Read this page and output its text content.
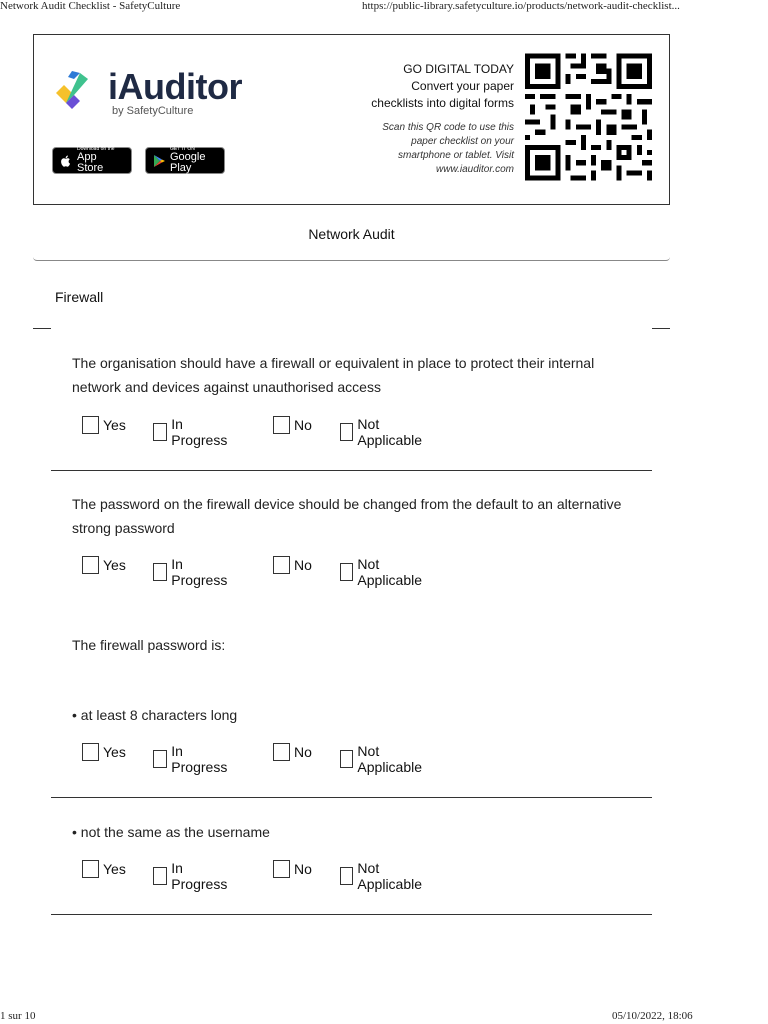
Network Audit Checklist - SafetyCulture	https://public-library.safetyculture.io/products/network-audit-checklist...
iAuditor
by SafetyCulture
Download on the
App Store
GET IT ON
Google Play
GO DIGITAL TODAY
Convert your paper
checklists into digital forms
Scan this QR code to use this
paper checklist on your
smartphone or tablet. Visit
www.iauditor.com
Network Audit
Firewall
The organisation should have a firewall or equivalent in place to protect their internal network and devices against unauthorised access
Yes	In Progress
No	Not Applicable
The password on the firewall device should be changed from the default to an alternative strong password
Yes	In Progress
No	Not Applicable
The firewall password is:
• at least 8 characters long
Yes	In Progress
No	Not Applicable
• not the same as the username
Yes	In Progress
No	Not Applicable
1 sur 10	05/10/2022, 18:06
